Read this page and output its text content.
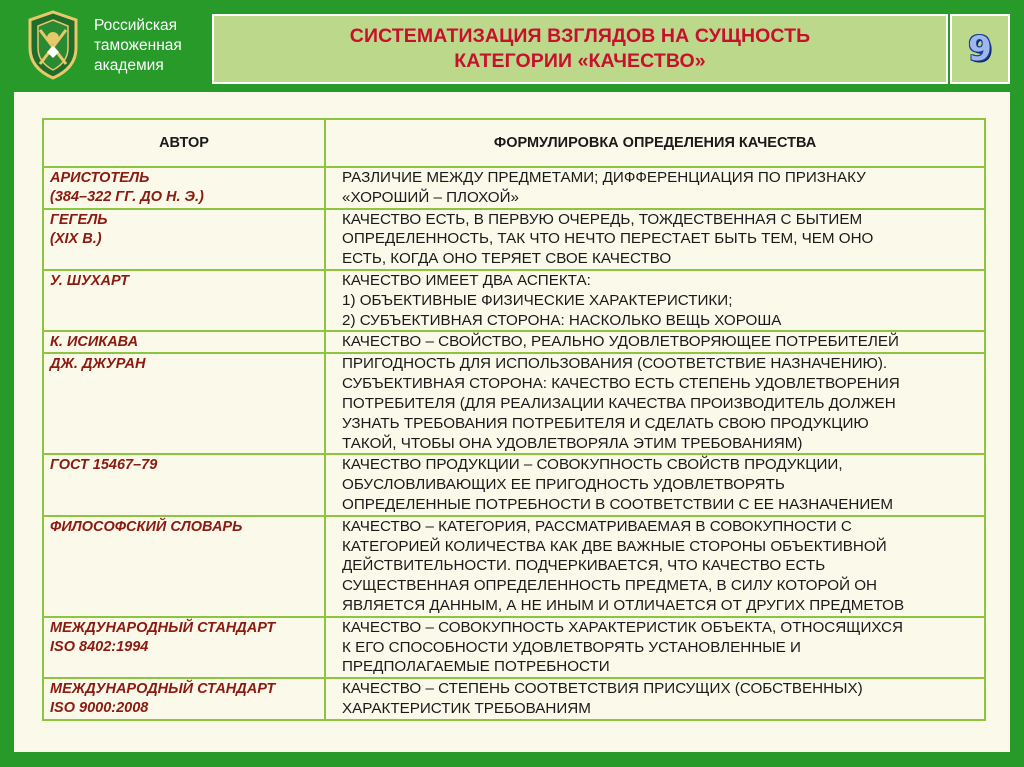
Российская
таможенная
академия
СИСТЕМАТИЗАЦИЯ ВЗГЛЯДОВ НА СУЩНОСТЬ
КАТЕГОРИИ «КАЧЕСТВО»	9
АВТОР	ФОРМУЛИРОВКА ОПРЕДЕЛЕНИЯ КАЧЕСТВА

АРИСТОТЕЛЬ
(384–322 ГГ. ДО Н. Э.)	РАЗЛИЧИЕ МЕЖДУ ПРЕДМЕТАМИ; ДИФФЕРЕНЦИАЦИЯ ПО ПРИЗНАКУ
«ХОРОШИЙ – ПЛОХОЙ»

ГЕГЕЛЬ
(XIX В.)	КАЧЕСТВО ЕСТЬ, В ПЕРВУЮ ОЧЕРЕДЬ, ТОЖДЕСТВЕННАЯ С БЫТИЕМ
ОПРЕДЕЛЕННОСТЬ, ТАК ЧТО НЕЧТО ПЕРЕСТАЕТ БЫТЬ ТЕМ, ЧЕМ ОНО
ЕСТЬ, КОГДА ОНО ТЕРЯЕТ СВОЕ КАЧЕСТВО

У. ШУХАРТ	КАЧЕСТВО ИМЕЕТ ДВА АСПЕКТА:
1) ОБЪЕКТИВНЫЕ ФИЗИЧЕСКИЕ ХАРАКТЕРИСТИКИ;
2) СУБЪЕКТИВНАЯ СТОРОНА: НАСКОЛЬКО ВЕЩЬ ХОРОША

К. ИСИКАВА	КАЧЕСТВО – СВОЙСТВО, РЕАЛЬНО УДОВЛЕТВОРЯЮЩЕЕ ПОТРЕБИТЕЛЕЙ

ДЖ. ДЖУРАН	ПРИГОДНОСТЬ ДЛЯ ИСПОЛЬЗОВАНИЯ (СООТВЕТСТВИЕ НАЗНАЧЕНИЮ).
СУБЪЕКТИВНАЯ СТОРОНА: КАЧЕСТВО ЕСТЬ СТЕПЕНЬ УДОВЛЕТВОРЕНИЯ
ПОТРЕБИТЕЛЯ (ДЛЯ РЕАЛИЗАЦИИ КАЧЕСТВА ПРОИЗВОДИТЕЛЬ ДОЛЖЕН
УЗНАТЬ ТРЕБОВАНИЯ ПОТРЕБИТЕЛЯ И СДЕЛАТЬ СВОЮ ПРОДУКЦИЮ
ТАКОЙ, ЧТОБЫ ОНА УДОВЛЕТВОРЯЛА ЭТИМ ТРЕБОВАНИЯМ)

ГОСТ 15467–79	КАЧЕСТВО ПРОДУКЦИИ – СОВОКУПНОСТЬ СВОЙСТВ ПРОДУКЦИИ,
ОБУСЛОВЛИВАЮЩИХ ЕЕ ПРИГОДНОСТЬ УДОВЛЕТВОРЯТЬ
ОПРЕДЕЛЕННЫЕ ПОТРЕБНОСТИ В СООТВЕТСТВИИ С ЕЕ НАЗНАЧЕНИЕМ

ФИЛОСОФСКИЙ СЛОВАРЬ	КАЧЕСТВО – КАТЕГОРИЯ, РАССМАТРИВАЕМАЯ В СОВОКУПНОСТИ С
КАТЕГОРИЕЙ КОЛИЧЕСТВА КАК ДВЕ ВАЖНЫЕ СТОРОНЫ ОБЪЕКТИВНОЙ
ДЕЙСТВИТЕЛЬНОСТИ. ПОДЧЕРКИВАЕТСЯ, ЧТО КАЧЕСТВО ЕСТЬ
СУЩЕСТВЕННАЯ ОПРЕДЕЛЕННОСТЬ ПРЕДМЕТА, В СИЛУ КОТОРОЙ ОН
ЯВЛЯЕТСЯ ДАННЫМ, А НЕ ИНЫМ И ОТЛИЧАЕТСЯ ОТ ДРУГИХ ПРЕДМЕТОВ

МЕЖДУНАРОДНЫЙ СТАНДАРТ
ISO 8402:1994	КАЧЕСТВО – СОВОКУПНОСТЬ ХАРАКТЕРИСТИК ОБЪЕКТА, ОТНОСЯЩИХСЯ
К ЕГО СПОСОБНОСТИ УДОВЛЕТВОРЯТЬ УСТАНОВЛЕННЫЕ И
ПРЕДПОЛАГАЕМЫЕ ПОТРЕБНОСТИ

МЕЖДУНАРОДНЫЙ СТАНДАРТ
ISO 9000:2008	КАЧЕСТВО – СТЕПЕНЬ СООТВЕТСТВИЯ ПРИСУЩИХ (СОБСТВЕННЫХ)
ХАРАКТЕРИСТИК ТРЕБОВАНИЯМ
